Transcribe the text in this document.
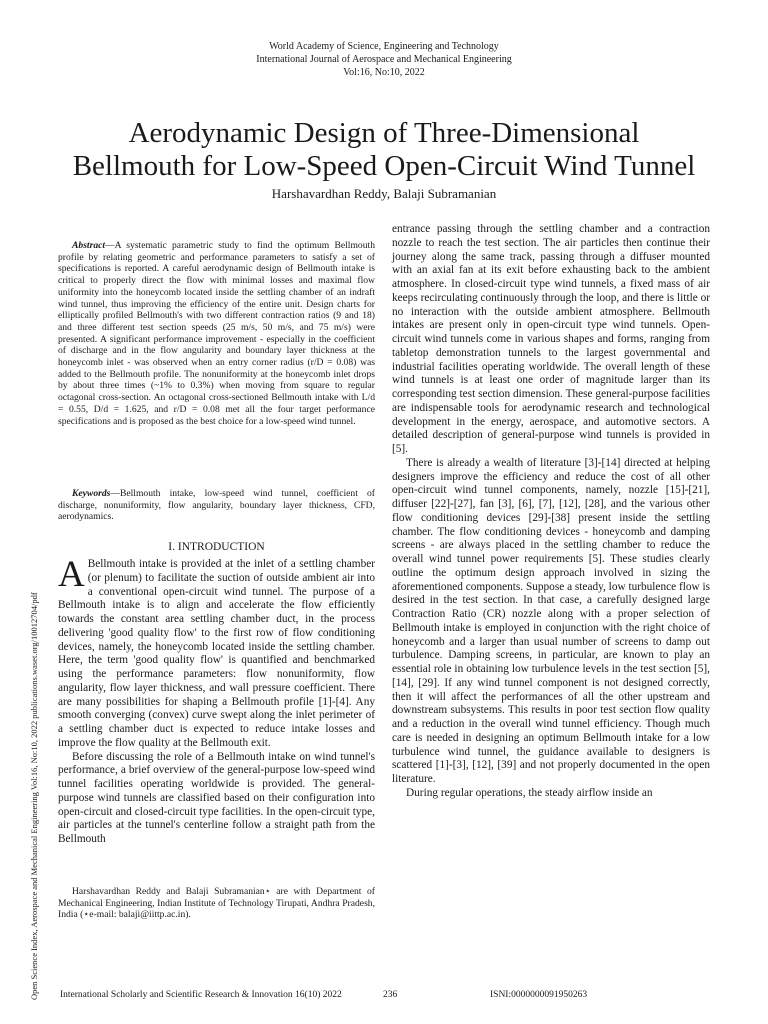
World Academy of Science, Engineering and Technology
International Journal of Aerospace and Mechanical Engineering
Vol:16, No:10, 2022
Aerodynamic Design of Three-Dimensional
Bellmouth for Low-Speed Open-Circuit Wind Tunnel
Harshavardhan Reddy, Balaji Subramanian
Open Science Index, Aerospace and Mechanical Engineering Vol:16, No:10, 2022 publications.waset.org/10012704/pdf
Abstract—A systematic parametric study to find the optimum Bellmouth profile by relating geometric and performance parameters to satisfy a set of specifications is reported. A careful aerodynamic design of Bellmouth intake is critical to properly direct the flow with minimal losses and maximal flow uniformity into the honeycomb located inside the settling chamber of an indraft wind tunnel, thus improving the efficiency of the entire unit. Design charts for elliptically profiled Bellmouth's with two different contraction ratios (9 and 18) and three different test section speeds (25 m/s, 50 m/s, and 75 m/s) were presented. A significant performance improvement - especially in the coefficient of discharge and in the flow angularity and boundary layer thickness at the honeycomb inlet - was observed when an entry corner radius (r/D = 0.08) was added to the Bellmouth profile. The nonuniformity at the honeycomb inlet drops by about three times (~1% to 0.3%) when moving from square to regular octagonal cross-section. An octagonal cross-sectioned Bellmouth intake with L/d = 0.55, D/d = 1.625, and r/D = 0.08 met all the four target performance specifications and is proposed as the best choice for a low-speed wind tunnel.
Keywords—Bellmouth intake, low-speed wind tunnel, coefficient of discharge, nonuniformity, flow angularity, boundary layer thickness, CFD, aerodynamics.
I. INTRODUCTION

A Bellmouth intake is provided at the inlet of a settling chamber (or plenum) to facilitate the suction of outside ambient air into a conventional open-circuit wind tunnel. The purpose of a Bellmouth intake is to align and accelerate the flow efficiently towards the constant area settling chamber duct, in the process delivering 'good quality flow' to the first row of flow conditioning devices, namely, the honeycomb located inside the settling chamber. Here, the term 'good quality flow' is quantified and benchmarked using the performance parameters: flow nonuniformity, flow angularity, flow layer thickness, and wall pressure coefficient. There are many possibilities for shaping a Bellmouth profile [1]-[4]. Any smooth converging (convex) curve swept along the inlet perimeter of a settling chamber duct is expected to reduce intake losses and improve the flow quality at the Bellmouth exit.

Before discussing the role of a Bellmouth intake on wind tunnel's performance, a brief overview of the general-purpose low-speed wind tunnel facilities operating worldwide is provided. The general-purpose wind tunnels are classified based on their configuration into open-circuit and closed-circuit type facilities. In the open-circuit type, air particles at the tunnel's centerline follow a straight path from the Bellmouth

Harshavardhan Reddy and Balaji Subramanian⋆ are with Department of Mechanical Engineering, Indian Institute of Technology Tirupati, Andhra Pradesh, India (⋆e-mail: balaji@iittp.ac.in).

entrance passing through the settling chamber and a contraction nozzle to reach the test section. The air particles then continue their journey along the same track, passing through a diffuser mounted with an axial fan at its exit before exhausting back to the ambient atmosphere. In closed-circuit type wind tunnels, a fixed mass of air keeps recirculating continuously through the loop, and there is little or no interaction with the outside ambient atmosphere. Bellmouth intakes are present only in open-circuit type wind tunnels. Open-circuit wind tunnels come in various shapes and forms, ranging from tabletop demonstration tunnels to the largest governmental and industrial facilities operating worldwide. The overall length of these wind tunnels is at least one order of magnitude larger than its corresponding test section dimension. These general-purpose facilities are indispensable tools for aerodynamic research and technological development in the energy, aerospace, and automotive sectors. A detailed description of general-purpose wind tunnels is provided in [5].

There is already a wealth of literature [3]-[14] directed at helping designers improve the efficiency and reduce the cost of all other open-circuit wind tunnel components, namely, nozzle [15]-[21], diffuser [22]-[27], fan [3], [6], [7], [12], [28], and the various other flow conditioning devices [29]-[38] present inside the settling chamber. The flow conditioning devices - honeycomb and damping screens - are always placed in the settling chamber to reduce the overall wind tunnel power requirements [5]. These studies clearly outline the optimum design approach involved in sizing the aforementioned components. Suppose a steady, low turbulence flow is desired in the test section. In that case, a carefully designed large Contraction Ratio (CR) nozzle along with a proper selection of Bellmouth intake is employed in conjunction with the right choice of honeycomb and a larger than usual number of screens to damp out turbulence. Damping screens, in particular, are known to play an essential role in obtaining low turbulence levels in the test section [5], [14], [29]. If any wind tunnel component is not designed correctly, then it will affect the performances of all the other upstream and downstream subsystems. This results in poor test section flow quality and a reduction in the overall wind tunnel efficiency. Though much care is needed in designing an optimum Bellmouth intake for a low turbulence wind tunnel, the guidance available to designers is scattered [1]-[3], [12], [39] and not properly documented in the open literature.

During regular operations, the steady airflow inside an

International Scholarly and Scientific Research & Innovation 16(10) 2022	236	ISNI:0000000091950263
